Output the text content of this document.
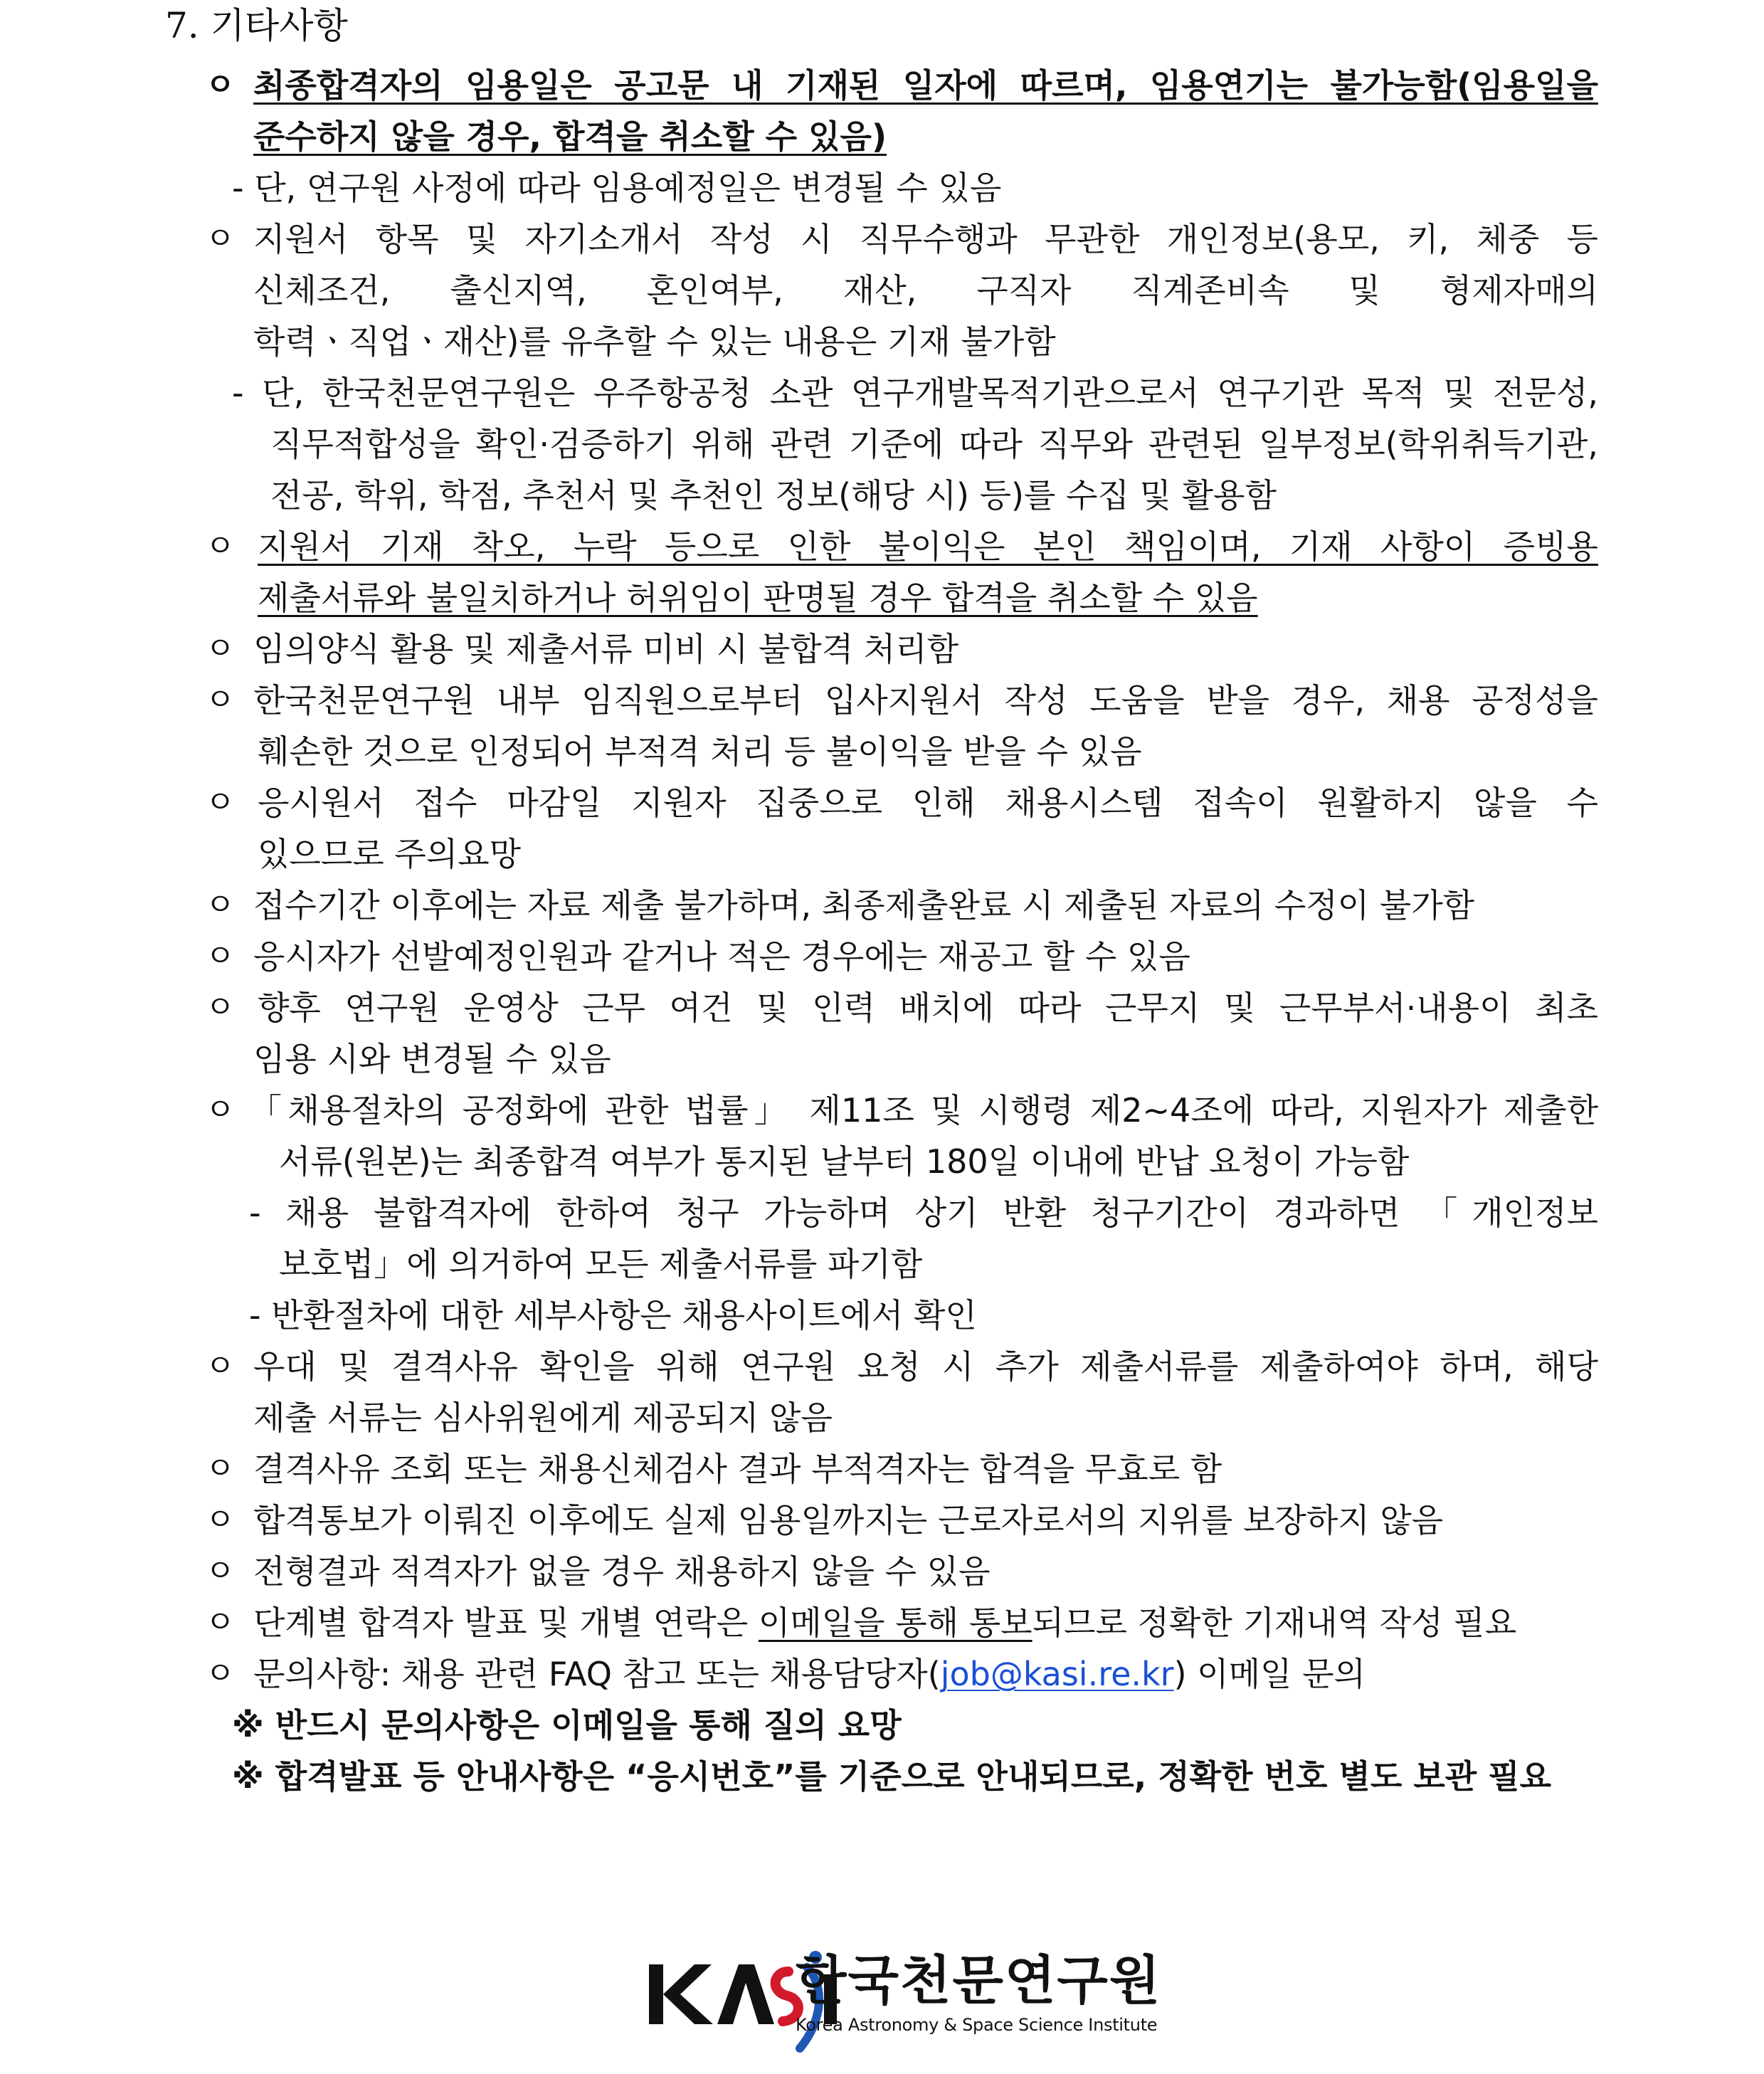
7. 기타사항
ㅇ 최종합격자의 임용일은 공고문 내 기재된 일자에 따르며, 임용연기는 불가능함(임용일을
준수하지 않을 경우, 합격을 취소할 수 있음)
- 단, 연구원 사정에 따라 임용예정일은 변경될 수 있음
ㅇ 지원서 항목 및 자기소개서 작성 시 직무수행과 무관한 개인정보(용모, 키, 체중 등
신체조건, 출신지역, 혼인여부, 재산, 구직자 직계존비속 및 형제자매의
학력ㆍ직업ㆍ재산)를 유추할 수 있는 내용은 기재 불가함
- 단, 한국천문연구원은 우주항공청 소관 연구개발목적기관으로서 연구기관 목적 및 전문성,
직무적합성을 확인·검증하기 위해 관련 기준에 따라 직무와 관련된 일부정보(학위취득기관,
전공, 학위, 학점, 추천서 및 추천인 정보(해당 시) 등)를 수집 및 활용함
ㅇ 지원서 기재 착오, 누락 등으로 인한 불이익은 본인 책임이며, 기재 사항이 증빙용
제출서류와 불일치하거나 허위임이 판명될 경우 합격을 취소할 수 있음
ㅇ 임의양식 활용 및 제출서류 미비 시 불합격 처리함
ㅇ 한국천문연구원 내부 임직원으로부터 입사지원서 작성 도움을 받을 경우, 채용 공정성을
훼손한 것으로 인정되어 부적격 처리 등 불이익을 받을 수 있음
ㅇ 응시원서 접수 마감일 지원자 집중으로 인해 채용시스템 접속이 원활하지 않을 수
있으므로 주의요망
ㅇ 접수기간 이후에는 자료 제출 불가하며, 최종제출완료 시 제출된 자료의 수정이 불가함
ㅇ 응시자가 선발예정인원과 같거나 적은 경우에는 재공고 할 수 있음
ㅇ 향후 연구원 운영상 근무 여건 및 인력 배치에 따라 근무지 및 근무부서·내용이 최초
임용 시와 변경될 수 있음
ㅇ 「채용절차의 공정화에 관한 법률」 제11조 및 시행령 제2~4조에 따라, 지원자가 제출한
서류(원본)는 최종합격 여부가 통지된 날부터 180일 이내에 반납 요청이 가능함
- 채용 불합격자에 한하여 청구 가능하며 상기 반환 청구기간이 경과하면 「개인정보
보호법」에 의거하여 모든 제출서류를 파기함
- 반환절차에 대한 세부사항은 채용사이트에서 확인
ㅇ 우대 및 결격사유 확인을 위해 연구원 요청 시 추가 제출서류를 제출하여야 하며, 해당
제출 서류는 심사위원에게 제공되지 않음
ㅇ 결격사유 조회 또는 채용신체검사 결과 부적격자는 합격을 무효로 함
ㅇ 합격통보가 이뤄진 이후에도 실제 임용일까지는 근로자로서의 지위를 보장하지 않음
ㅇ 전형결과 적격자가 없을 경우 채용하지 않을 수 있음
ㅇ 단계별 합격자 발표 및 개별 연락은 이메일을 통해 통보되므로 정확한 기재내역 작성 필요
ㅇ 문의사항: 채용 관련 FAQ 참고 또는 채용담당자(job@kasi.re.kr) 이메일 문의
※ 반드시 문의사항은 이메일을 통해 질의 요망
※ 합격발표 등 안내사항은 “응시번호”를 기준으로 안내되므로, 정확한 번호 별도 보관 필요
한국천문연구원
Korea Astronomy & Space Science Institute
